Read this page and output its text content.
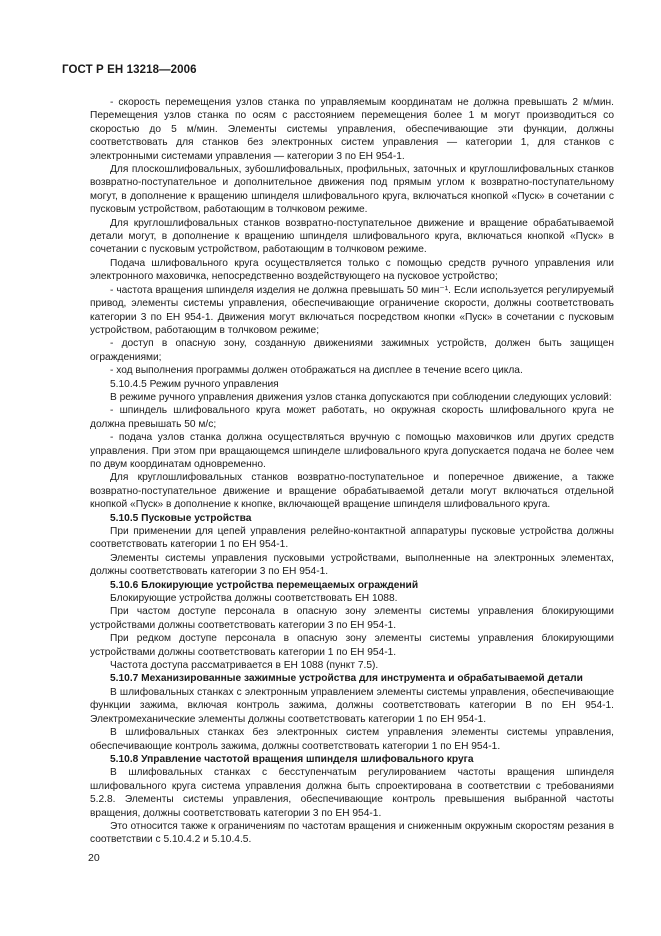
ГОСТ Р ЕН 13218—2006

- скорость перемещения узлов станка по управляемым координатам не должна превышать 2 м/мин. Перемещения узлов станка по осям с расстоянием перемещения более 1 м могут производиться со скоростью до 5 м/мин. Элементы системы управления, обеспечивающие эти функции, должны соответствовать для станков без электронных систем управления — категории 1, для станков с электронными системами управления — категории 3 по ЕН 954-1.

Для плоскошлифовальных, зубошлифовальных, профильных, заточных и круглошлифовальных станков возвратно-поступательное и дополнительное движения под прямым углом к возвратно-поступательному могут, в дополнение к вращению шпинделя шлифовального круга, включаться кнопкой «Пуск» в сочетании с пусковым устройством, работающим в толчковом режиме.

Для круглошлифовальных станков возвратно-поступательное движение и вращение обрабатываемой детали могут, в дополнение к вращению шпинделя шлифовального круга, включаться кнопкой «Пуск» в сочетании с пусковым устройством, работающим в толчковом режиме.

Подача шлифовального круга осуществляется только с помощью средств ручного управления или электронного маховичка, непосредственно воздействующего на пусковое устройство;

- частота вращения шпинделя изделия не должна превышать 50 мин⁻¹. Если используется регулируемый привод, элементы системы управления, обеспечивающие ограничение скорости, должны соответствовать категории 3 по ЕН 954-1. Движения могут включаться посредством кнопки «Пуск» в сочетании с пусковым устройством, работающим в толчковом режиме;

- доступ в опасную зону, созданную движениями зажимных устройств, должен быть защищен ограждениями;

- ход выполнения программы должен отображаться на дисплее в течение всего цикла.

5.10.4.5 Режим ручного управления

В режиме ручного управления движения узлов станка допускаются при соблюдении следующих условий:

- шпиндель шлифовального круга может работать, но окружная скорость шлифовального круга не должна превышать 50 м/с;

- подача узлов станка должна осуществляться вручную с помощью маховичков или других средств управления. При этом при вращающемся шпинделе шлифовального круга допускается подача не более чем по двум координатам одновременно.

Для круглошлифовальных станков возвратно-поступательное и поперечное движение, а также возвратно-поступательное движение и вращение обрабатываемой детали могут включаться отдельной кнопкой «Пуск» в дополнение к кнопке, включающей вращение шпинделя шлифовального круга.

5.10.5 Пусковые устройства

При применении для цепей управления релейно-контактной аппаратуры пусковые устройства должны соответствовать категории 1 по ЕН 954-1.

Элементы системы управления пусковыми устройствами, выполненные на электронных элементах, должны соответствовать категории 3 по ЕН 954-1.

5.10.6 Блокирующие устройства перемещаемых ограждений

Блокирующие устройства должны соответствовать ЕН 1088.

При частом доступе персонала в опасную зону элементы системы управления блокирующими устройствами должны соответствовать категории 3 по ЕН 954-1.

При редком доступе персонала в опасную зону элементы системы управления блокирующими устройствами должны соответствовать категории 1 по ЕН 954-1.

Частота доступа рассматривается в ЕН 1088 (пункт 7.5).

5.10.7 Механизированные зажимные устройства для инструмента и обрабатываемой детали

В шлифовальных станках с электронным управлением элементы системы управления, обеспечивающие функции зажима, включая контроль зажима, должны соответствовать категории В по ЕН 954-1. Электромеханические элементы должны соответствовать категории 1 по ЕН 954-1.

В шлифовальных станках без электронных систем управления элементы системы управления, обеспечивающие контроль зажима, должны соответствовать категории 1 по ЕН 954-1.

5.10.8 Управление частотой вращения шпинделя шлифовального круга

В шлифовальных станках с бесступенчатым регулированием частоты вращения шпинделя шлифовального круга система управления должна быть спроектирована в соответствии с требованиями 5.2.8. Элементы системы управления, обеспечивающие контроль превышения выбранной частоты вращения, должны соответствовать категории 3 по ЕН 954-1.

Это относится также к ограничениям по частотам вращения и сниженным окружным скоростям резания в соответствии с 5.10.4.2 и 5.10.4.5.

20
